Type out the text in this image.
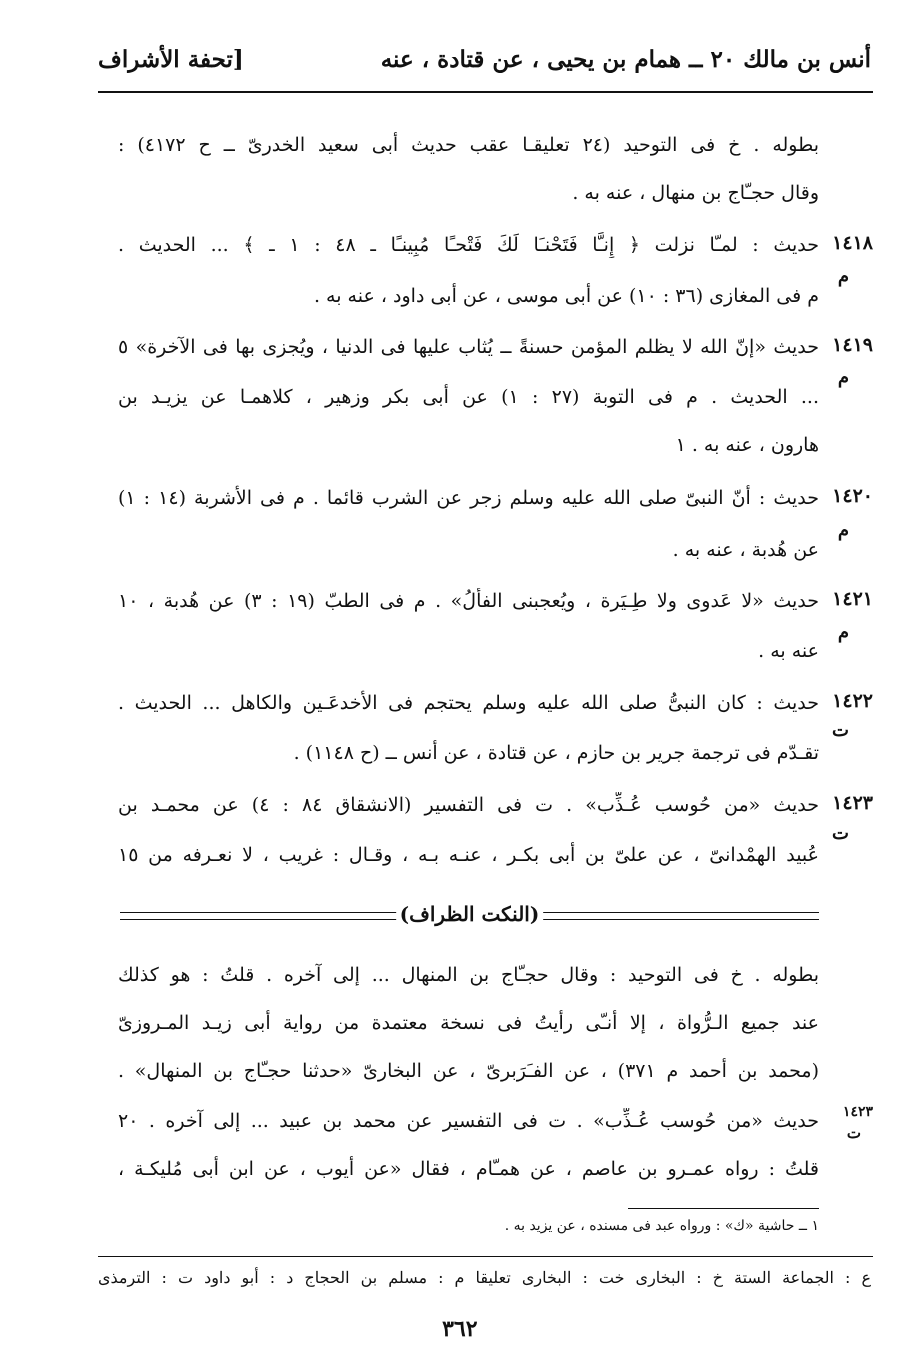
أنس بن مالك ٢٠ ــ همام بن يحيى ، عن قتادة ، عنه
[تحفة الأشراف
بطوله . خ فى التوحيد (٢٤ تعليقـا عقب حديث أبى سعيد الخدرىّ ــ ح ٤١٧٢) :
وقال حجـّاج بن منهال ، عنه به .
١٤١٨
م
حديث : لمـّا نزلت ﴿ إِنـَّا فَتَحْنـَا لَكَ فَتْحـًا مُبِينـًا ـ ٤٨ : ١ ـ ﴾ ... الحديث .
م فى المغازى (٣٦ : ١٠) عن أبى موسى ، عن أبى داود ، عنه به .
١٤١٩
م
حديث «إنّ الله لا يظلم المؤمن حسنةً ــ يُثاب عليها فى الدنيا ، ويُجزى بها فى الآخرة» ٥
... الحديث . م فى التوبة (٢٧ : ١) عن أبى بكر وزهير ، كلاهمـا عن يزيـد بن
هارون ، عنه به . ١
١٤٢٠
م
حديث : أنّ النبىّ صلى الله عليه وسلم زجر عن الشرب قائما . م فى الأشربة (١٤ : ١)
عن هُدبة ، عنه به .
١٤٢١
م
حديث «لا عَدوى ولا طِـيَرة ، ويُعجبنى الفألُ» . م فى الطبّ (١٩ : ٣) عن هُدبة ، ١٠
عنه به .
١٤٢٢
ت
حديث : كان النبىُّ صلى الله عليه وسلم يحتجم فى الأخدعَـين والكاهل ... الحديث .
تقـدّم فى ترجمة جرير بن حازم ، عن قتادة ، عن أنس ــ (ح ١١٤٨) .
١٤٢٣
ت
حديث «من حُوسب عُـذِّب» . ت فى التفسير (الانشقاق ٨٤ : ٤) عن محمـد بن
عُبيد الهمْدانىّ ، عن علىّ بن أبى بكـر ، عنـه بـه ، وقـال : غريب ، لا نعـرفه من ١٥
(النكت الظراف)
بطوله . خ فى التوحيد : وقال حجـّاج بن المنهال ... إلى آخره . قلتُ : هو كذلك
عند جميع الـرُّواة ، إلا أنـّى رأيتُ فى نسخة معتمدة من رواية أبى زيـد المـروزىّ
(محمد بن أحمد م ٣٧١) ، عن الفـَرَبرىّ ، عن البخارىّ «حدثنا حجـّاج بن المنهال» .
١٤٢٣
ت
حديث «من حُوسب عُـذِّب» . ت فى التفسير عن محمد بن عبيد ... إلى آخره . ٢٠
قلتُ : رواه عمـرو بن عاصم ، عن همـّام ، فقال «عن أيوب ، عن ابن أبى مُليكـة ،
١ ــ حاشية «ك» : ورواه عبد فى مسنده ، عن يزيد به .
ع : الجماعة الستة خ : البخارى خت : البخارى تعليقا م : مسلم بن الحجاج د : أبو داود ت : الترمذى
٣٦٢
